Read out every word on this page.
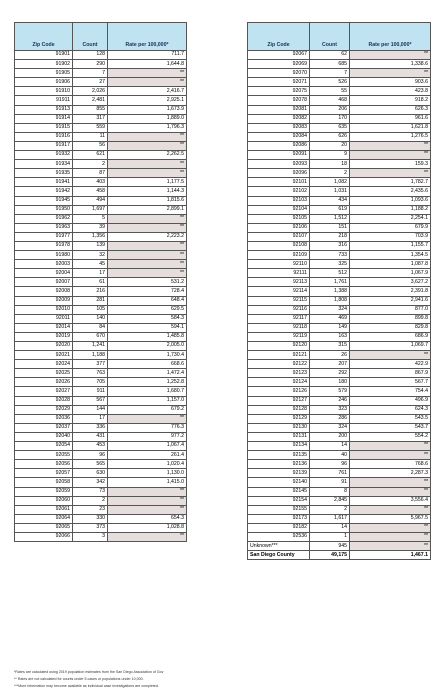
Zip Code	Count	Rate per 100,000*
91901	128	711.7
91902	290	1,644.8
91905	7	**
91906	27	**
91910	2,026	2,416.7
91911	2,481	2,925.1
91913	855	1,673.9
91914	317	1,889.0
91915	559	1,796.3
91916	11	**
91917	56	**
91932	621	2,262.5
91934	2	**
91935	87	**
91941	403	1,177.5
91942	458	1,144.3
91945	494	1,815.6
91950	1,697	2,899.1
91962	5	**
91963	39	**
91977	1,356	2,223.2
91978	139	**
91980	32	**
92003	45	**
92004	17	**
92007	61	531.2
92008	216	728.4
92009	281	648.4
92010	105	629.5
92011	140	584.3
92014	84	594.1
92019	670	1,485.8
92020	1,241	2,005.0
92021	1,188	1,730.4
92024	377	668.6
92025	763	1,472.4
92026	705	1,252.8
92027	911	1,680.7
92028	567	1,157.0
92029	144	679.2
92036	17	**
92037	336	776.3
92040	431	977.2
92054	453	1,067.4
92055	96	261.4
92056	565	1,020.4
92057	630	1,130.0
92058	342	1,415.0
92059	73	**
92060	2	**
92061	23	**
92064	330	654.3
92065	373	1,028.8
92066	3	**
Zip Code	Count	Rate per 100,000*
92067	62	**
92069	685	1,338.6
92070	7	**
92071	526	903.6
92075	55	423.8
92078	468	918.2
92081	206	626.3
92082	170	961.6
92083	635	1,621.8
92084	626	1,276.5
92086	20	**
92091	9	**
92093	18	159.3
92096	2	**
92101	1,082	1,782.7
92102	1,031	2,435.6
92103	434	1,093.6
92104	619	1,188.2
92105	1,512	2,254.1
92106	151	679.9
92107	218	703.9
92108	316	1,155.7
92109	733	1,354.5
92110	325	1,087.8
92111	512	1,067.9
92113	1,761	3,627.2
92114	1,388	2,391.8
92115	1,808	2,941.6
92116	324	877.0
92117	469	899.8
92118	149	829.8
92119	163	686.9
92120	315	1,069.7
92121	26	**
92122	207	422.9
92123	292	867.9
92124	180	567.7
92126	579	754.4
92127	246	496.9
92128	323	624.3
92129	286	543.5
92130	324	543.7
92131	200	554.2
92134	14	**
92135	40	**
92136	96	768.6
92139	761	2,287.3
92140	91	**
92145	8	**
92154	2,845	3,556.4
92155	2	**
92173	1,617	5,967.5
92182	14	**
92536	1	**
Unknown***	945	**
San Diego County	49,175	1,467.1
*Rates are calculated using 2019 population estimates from the San Diego Association of Gov
** Rates are not calculated for counts under 5 cases or populations under 10,000.
***More information may become available as individual case investigations are completed.
